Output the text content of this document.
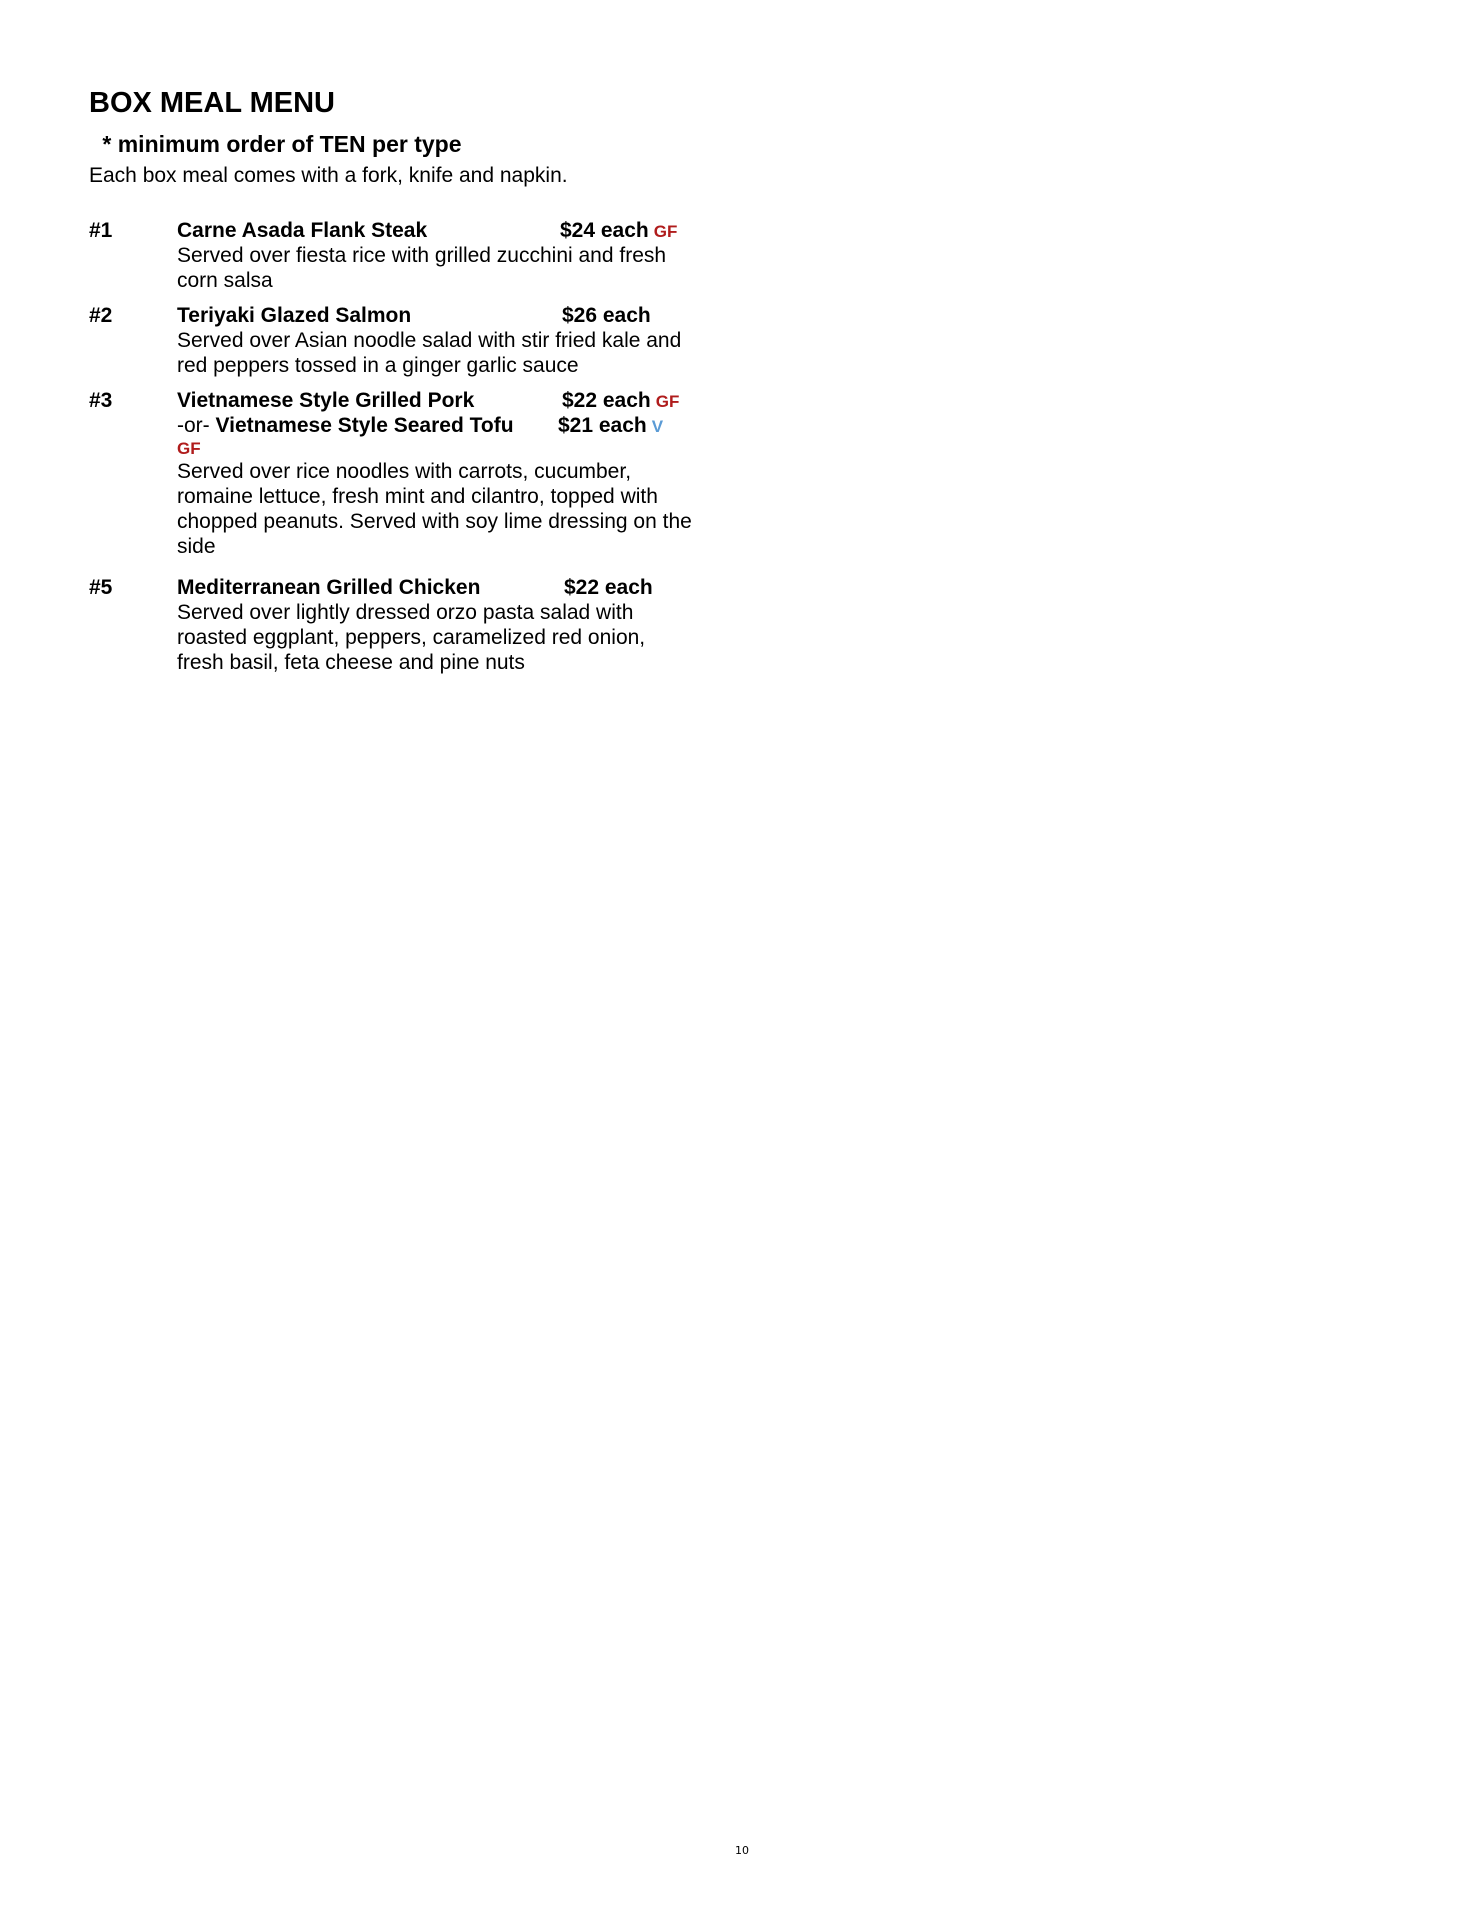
BOX MEAL MENU
* minimum order of TEN per type
Each box meal comes with a fork, knife and napkin.
#1	Carne Asada Flank Steak	$24 each GF
Served over fiesta rice with grilled zucchini and fresh corn salsa
#2	Teriyaki Glazed Salmon	$26 each
Served over Asian noodle salad with stir fried kale and red peppers tossed in a ginger garlic sauce
#3	Vietnamese Style Grilled Pork	$22 each GF
-or- Vietnamese Style Seared Tofu $21 each V
GF
Served over rice noodles with carrots, cucumber, romaine lettuce, fresh mint and cilantro, topped with chopped peanuts. Served with soy lime dressing on the side
#5	Mediterranean Grilled Chicken	$22 each
Served over lightly dressed orzo pasta salad with roasted eggplant, peppers, caramelized red onion, fresh basil, feta cheese and pine nuts
10
